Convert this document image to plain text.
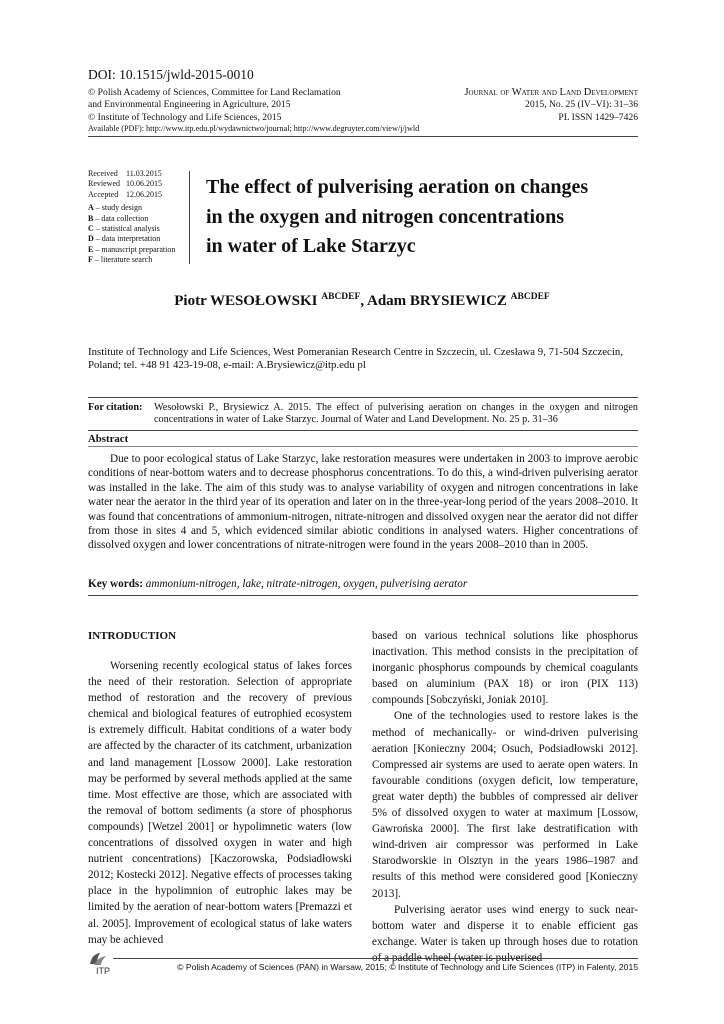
DOI: 10.1515/jwld-2015-0010
© Polish Academy of Sciences, Committee for Land Reclamation
and Environmental Engineering in Agriculture, 2015
© Institute of Technology and Life Sciences, 2015
Journal of Water and Land Development
2015, No. 25 (IV–VI): 31–36
PL ISSN 1429–7426
Available (PDF): http://www.itp.edu.pl/wydawnictwo/journal; http://www.degruyter.com/view/j/jwld
Received 11.03.2015
Reviewed 10.06.2015
Accepted 12.06.2015
A – study design
B – data collection
C – statistical analysis
D – data interpretation
E – manuscript preparation
F – literature search
The effect of pulverising aeration on changes
in the oxygen and nitrogen concentrations
in water of Lake Starzyc
Piotr WESOŁOWSKI $^{ABCDEF}$, Adam BRYSIEWICZ $^{ABCDEF}$
Institute of Technology and Life Sciences, West Pomeranian Research Centre in Szczecin, ul. Czesława 9, 71-504 Szczecin, Poland; tel. +48 91 423-19-08, e-mail: A.Brysiewicz@itp.edu pl
For citation: Wesołowski P., Brysiewicz A. 2015. The effect of pulverising aeration on changes in the oxygen and nitrogen concentrations in water of Lake Starzyc. Journal of Water and Land Development. No. 25 p. 31–36
Abstract
Due to poor ecological status of Lake Starzyc, lake restoration measures were undertaken in 2003 to improve aerobic conditions of near-bottom waters and to decrease phosphorus concentrations. To do this, a wind-driven pulverising aerator was installed in the lake. The aim of this study was to analyse variability of oxygen and nitrogen concentrations in lake water near the aerator in the third year of its operation and later on in the three-year-long period of the years 2008–2010. It was found that concentrations of ammonium-nitrogen, nitrate-nitrogen and dissolved oxygen near the aerator did not differ from those in sites 4 and 5, which evidenced similar abiotic conditions in analysed waters. Higher concentrations of dissolved oxygen and lower concentrations of nitrate-nitrogen were found in the years 2008–2010 than in 2005.
Key words: ammonium-nitrogen, lake, nitrate-nitrogen, oxygen, pulverising aerator
INTRODUCTION

Worsening recently ecological status of lakes forces the need of their restoration. Selection of appropriate method of restoration and the recovery of previous chemical and biological features of eutrophied ecosystem is extremely difficult. Habitat conditions of a water body are affected by the character of its catchment, urbanization and land management [Lossow 2000]. Lake restoration may be performed by several methods applied at the same time. Most effective are those, which are associated with the removal of bottom sediments (a store of phosphorus compounds) [Wetzel 2001] or hypolimnetic waters (low concentrations of dissolved oxygen in water and high nutrient concentrations) [Kaczorowska, Podsiadłowski 2012; Kostecki 2012]. Negative effects of processes taking place in the hypolimnion of eutrophic lakes may be limited by the aeration of near-bottom waters [Premazzi et al. 2005]. Improvement of ecological status of lake waters may be achieved

based on various technical solutions like phosphorus inactivation. This method consists in the precipitation of inorganic phosphorus compounds by chemical coagulants based on aluminium (PAX 18) or iron (PIX 113) compounds [Sobczyński, Joniak 2010].

One of the technologies used to restore lakes is the method of mechanically- or wind-driven pulverising aeration [Konieczny 2004; Osuch, Podsiadłowski 2012]. Compressed air systems are used to aerate open waters. In favourable conditions (oxygen deficit, low temperature, great water depth) the bubbles of compressed air deliver 5% of dissolved oxygen to water at maximum [Lossow, Gawrońska 2000]. The first lake destratification with wind-driven air compressor was performed in Lake Starodworskie in Olsztyn in the years 1986–1987 and results of this method were considered good [Konieczny 2013].

Pulverising aerator uses wind energy to suck near-bottom water and disperse it to enable efficient gas exchange. Water is taken up through hoses due to rotation of a paddle wheel (water is pulverised

ITP	© Polish Academy of Sciences (PAN) in Warsaw, 2015; © Institute of Technology and Life Sciences (ITP) in Falenty, 2015
